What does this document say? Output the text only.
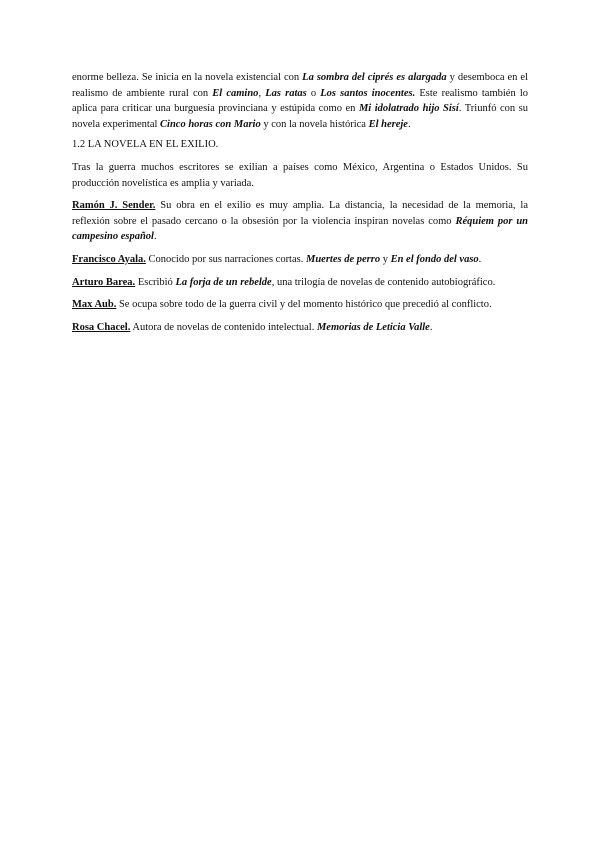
enorme belleza. Se inicia en la novela existencial con La sombra del ciprés es alargada y desemboca en el realismo de ambiente rural con El camino, Las ratas o Los santos inocentes. Este realismo también lo aplica para criticar una burguesía provinciana y estúpida como en Mi idolatrado hijo Sisí. Triunfó con su novela experimental Cinco horas con Mario y con la novela histórica El hereje.

1.2 LA NOVELA EN EL EXILIO.

Tras la guerra muchos escritores se exilian a países como México, Argentina o Estados Unidos. Su producción novelística es amplia y variada.

Ramón J. Sender. Su obra en el exilio es muy amplia. La distancia, la necesidad de la memoria, la reflexión sobre el pasado cercano o la obsesión por la violencia inspiran novelas como Réquiem por un campesino español.

Francisco Ayala. Conocido por sus narraciones cortas. Muertes de perro y En el fondo del vaso.

Arturo Barea. Escribió La forja de un rebelde, una trilogía de novelas de contenido autobiográfico.

Max Aub. Se ocupa sobre todo de la guerra civil y del momento histórico que precedió al conflicto.

Rosa Chacel. Autora de novelas de contenido intelectual. Memorias de Leticia Valle.
